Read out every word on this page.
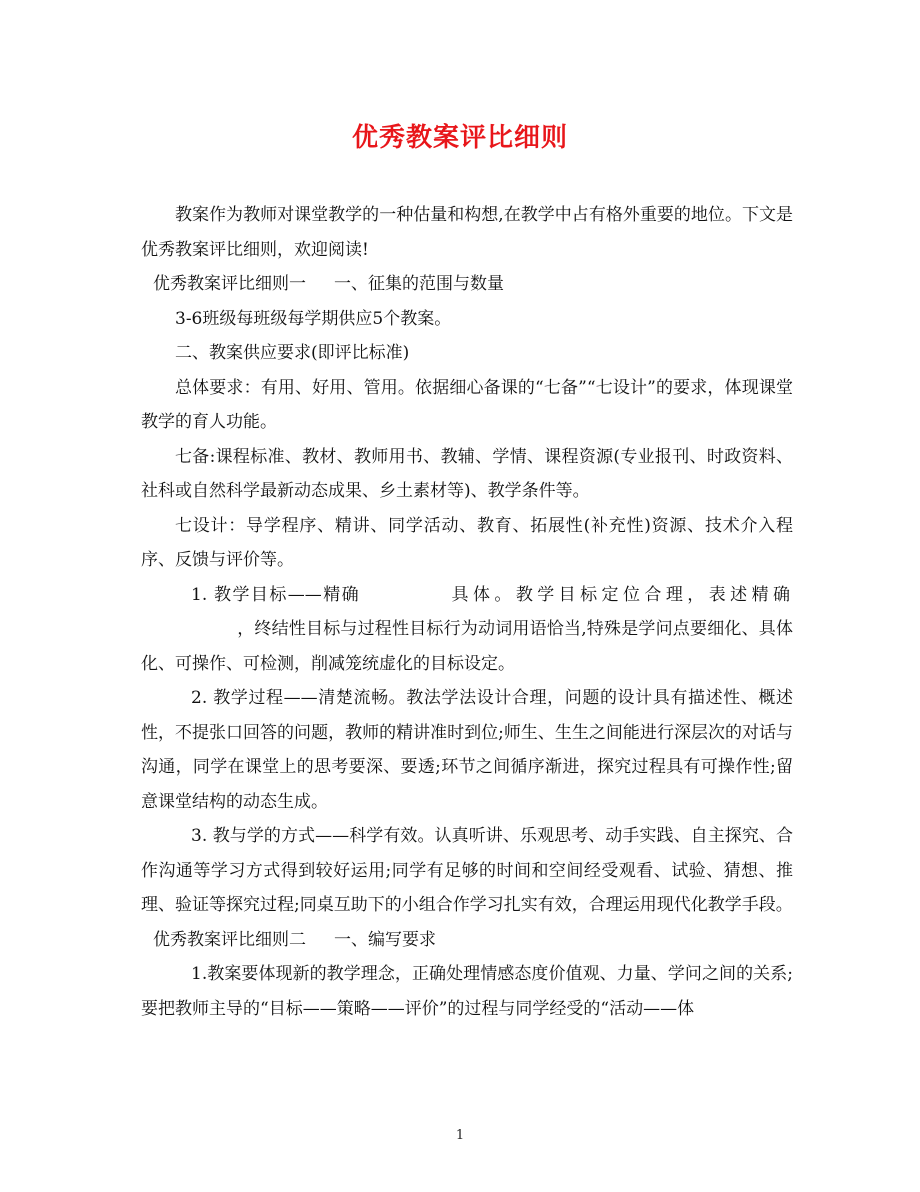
优秀教案评比细则

教案作为教师对课堂教学的一种估量和构想,在教学中占有格外重要的地位。下文是优秀教案评比细则，欢迎阅读!

优秀教案评比细则一 一、征集的范围与数量

3-6班级每班级每学期供应5个教案。

二、教案供应要求(即评比标准)

总体要求：有用、好用、管用。依据细心备课的“七备”“七设计”的要求，体现课堂教学的育人功能。

七备:课程标准、教材、教师用书、教辅、学情、课程资源(专业报刊、时政资料、社科或自然科学最新动态成果、乡土素材等)、教学条件等。

七设计：导学程序、精讲、同学活动、教育、拓展性(补充性)资源、技术介入程序、反馈与评价等。

1. 教学目标——精确	具体。教学目标定位合理，表述精确，终结性目标与过程性目标行为动词用语恰当,特殊是学问点要细化、具体化、可操作、可检测，削减笼统虚化的目标设定。

2. 教学过程——清楚流畅。教法学法设计合理，问题的设计具有描述性、概述性，不提张口回答的问题，教师的精讲准时到位;师生、生生之间能进行深层次的对话与沟通，同学在课堂上的思考要深、要透;环节之间循序渐进，探究过程具有可操作性;留意课堂结构的动态生成。

3. 教与学的方式——科学有效。认真听讲、乐观思考、动手实践、自主探究、合作沟通等学习方式得到较好运用;同学有足够的时间和空间经受观看、试验、猜想、推理、验证等探究过程;同桌互助下的小组合作学习扎实有效，合理运用现代化教学手段。

优秀教案评比细则二 一、编写要求

1.教案要体现新的教学理念，正确处理情感态度价值观、力量、学问之间的关系;要把教师主导的“目标——策略——评价”的过程与同学经受的“活动——体

1
